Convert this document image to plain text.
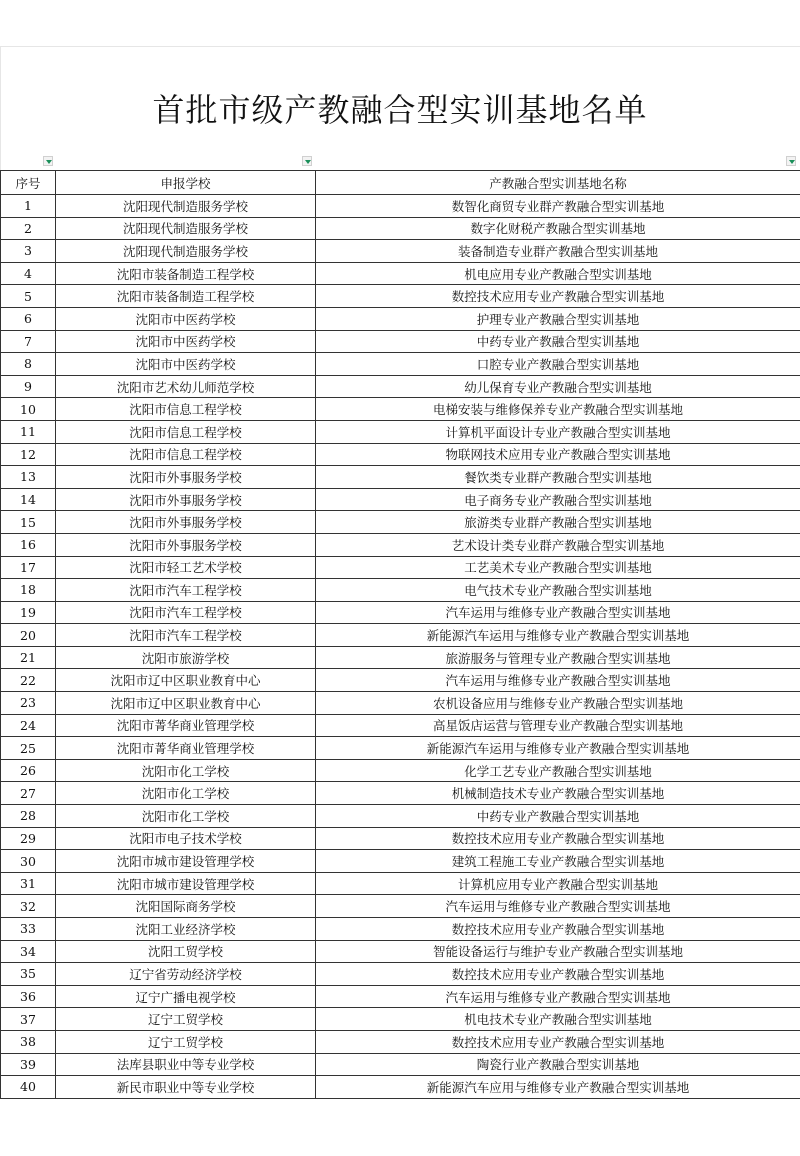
首批市级产教融合型实训基地名单
序号	申报学校	产教融合型实训基地名称
1	沈阳现代制造服务学校	数智化商贸专业群产教融合型实训基地
2	沈阳现代制造服务学校	数字化财税产教融合型实训基地
3	沈阳现代制造服务学校	装备制造专业群产教融合型实训基地
4	沈阳市装备制造工程学校	机电应用专业产教融合型实训基地
5	沈阳市装备制造工程学校	数控技术应用专业产教融合型实训基地
6	沈阳市中医药学校	护理专业产教融合型实训基地
7	沈阳市中医药学校	中药专业产教融合型实训基地
8	沈阳市中医药学校	口腔专业产教融合型实训基地
9	沈阳市艺术幼儿师范学校	幼儿保育专业产教融合型实训基地
10	沈阳市信息工程学校	电梯安装与维修保养专业产教融合型实训基地
11	沈阳市信息工程学校	计算机平面设计专业产教融合型实训基地
12	沈阳市信息工程学校	物联网技术应用专业产教融合型实训基地
13	沈阳市外事服务学校	餐饮类专业群产教融合型实训基地
14	沈阳市外事服务学校	电子商务专业产教融合型实训基地
15	沈阳市外事服务学校	旅游类专业群产教融合型实训基地
16	沈阳市外事服务学校	艺术设计类专业群产教融合型实训基地
17	沈阳市轻工艺术学校	工艺美术专业产教融合型实训基地
18	沈阳市汽车工程学校	电气技术专业产教融合型实训基地
19	沈阳市汽车工程学校	汽车运用与维修专业产教融合型实训基地
20	沈阳市汽车工程学校	新能源汽车运用与维修专业产教融合型实训基地
21	沈阳市旅游学校	旅游服务与管理专业产教融合型实训基地
22	沈阳市辽中区职业教育中心	汽车运用与维修专业产教融合型实训基地
23	沈阳市辽中区职业教育中心	农机设备应用与维修专业产教融合型实训基地
24	沈阳市菁华商业管理学校	高星饭店运营与管理专业产教融合型实训基地
25	沈阳市菁华商业管理学校	新能源汽车运用与维修专业产教融合型实训基地
26	沈阳市化工学校	化学工艺专业产教融合型实训基地
27	沈阳市化工学校	机械制造技术专业产教融合型实训基地
28	沈阳市化工学校	中药专业产教融合型实训基地
29	沈阳市电子技术学校	数控技术应用专业产教融合型实训基地
30	沈阳市城市建设管理学校	建筑工程施工专业产教融合型实训基地
31	沈阳市城市建设管理学校	计算机应用专业产教融合型实训基地
32	沈阳国际商务学校	汽车运用与维修专业产教融合型实训基地
33	沈阳工业经济学校	数控技术应用专业产教融合型实训基地
34	沈阳工贸学校	智能设备运行与维护专业产教融合型实训基地
35	辽宁省劳动经济学校	数控技术应用专业产教融合型实训基地
36	辽宁广播电视学校	汽车运用与维修专业产教融合型实训基地
37	辽宁工贸学校	机电技术专业产教融合型实训基地
38	辽宁工贸学校	数控技术应用专业产教融合型实训基地
39	法库县职业中等专业学校	陶瓷行业产教融合型实训基地
40	新民市职业中等专业学校	新能源汽车应用与维修专业产教融合型实训基地
